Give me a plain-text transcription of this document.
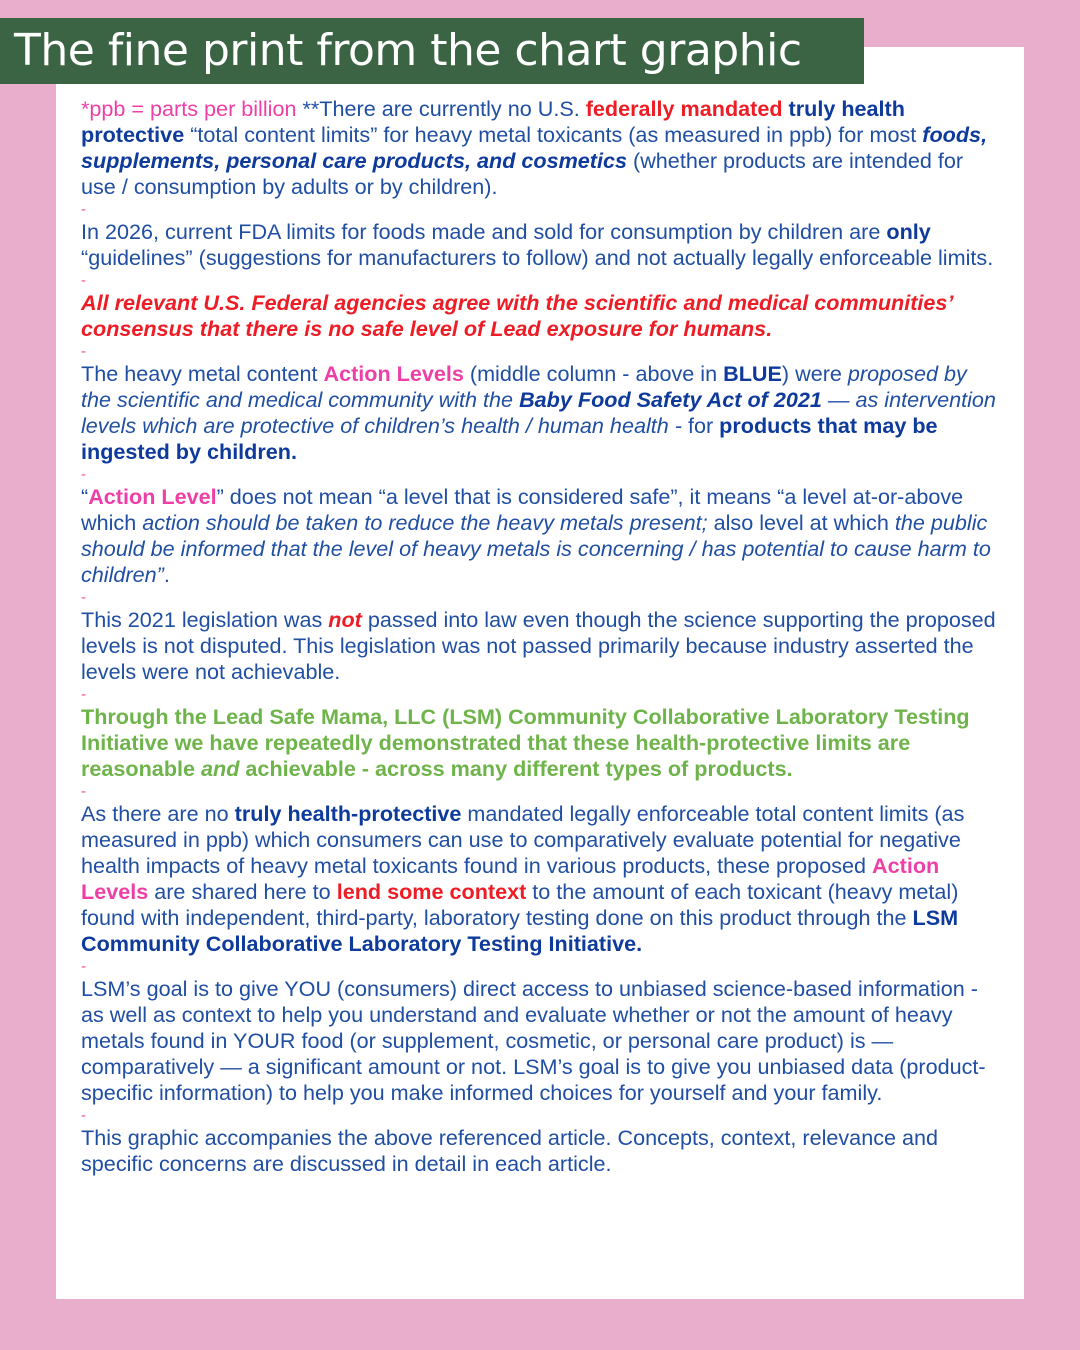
The fine print from the chart graphic

*ppb = parts per billion **There are currently no U.S. federally mandated truly health protective “total content limits” for heavy metal toxicants (as measured in ppb) for most foods, supplements, personal care products, and cosmetics (whether products are intended for use / consumption by adults or by children).

-

In 2026, current FDA limits for foods made and sold for consumption by children are only “guidelines” (suggestions for manufacturers to follow) and not actually legally enforceable limits.

-

All relevant U.S. Federal agencies agree with the scientific and medical communities’ consensus that there is no safe level of Lead exposure for humans.

-

The heavy metal content Action Levels (middle column - above in BLUE) were proposed by the scientific and medical community with the Baby Food Safety Act of 2021 — as intervention levels which are protective of children’s health / human health - for products that may be ingested by children.

-

“Action Level” does not mean “a level that is considered safe”, it means “a level at-or-above which action should be taken to reduce the heavy metals present; also level at which the public should be informed that the level of heavy metals is concerning / has potential to cause harm to children”.

-

This 2021 legislation was not passed into law even though the science supporting the proposed levels is not disputed. This legislation was not passed primarily because industry asserted the levels were not achievable.

-

Through the Lead Safe Mama, LLC (LSM) Community Collaborative Laboratory Testing Initiative we have repeatedly demonstrated that these health-protective limits are reasonable and achievable - across many different types of products.

-

As there are no truly health-protective mandated legally enforceable total content limits (as measured in ppb) which consumers can use to comparatively evaluate potential for negative health impacts of heavy metal toxicants found in various products, these proposed Action Levels are shared here to lend some context to the amount of each toxicant (heavy metal) found with independent, third-party, laboratory testing done on this product through the LSM Community Collaborative Laboratory Testing Initiative.

-

LSM’s goal is to give YOU (consumers) direct access to unbiased science-based information - as well as context to help you understand and evaluate whether or not the amount of heavy metals found in YOUR food (or supplement, cosmetic, or personal care product) is — comparatively — a significant amount or not. LSM’s goal is to give you unbiased data (product-specific information) to help you make informed choices for yourself and your family.

-

This graphic accompanies the above referenced article. Concepts, context, relevance and specific concerns are discussed in detail in each article.
